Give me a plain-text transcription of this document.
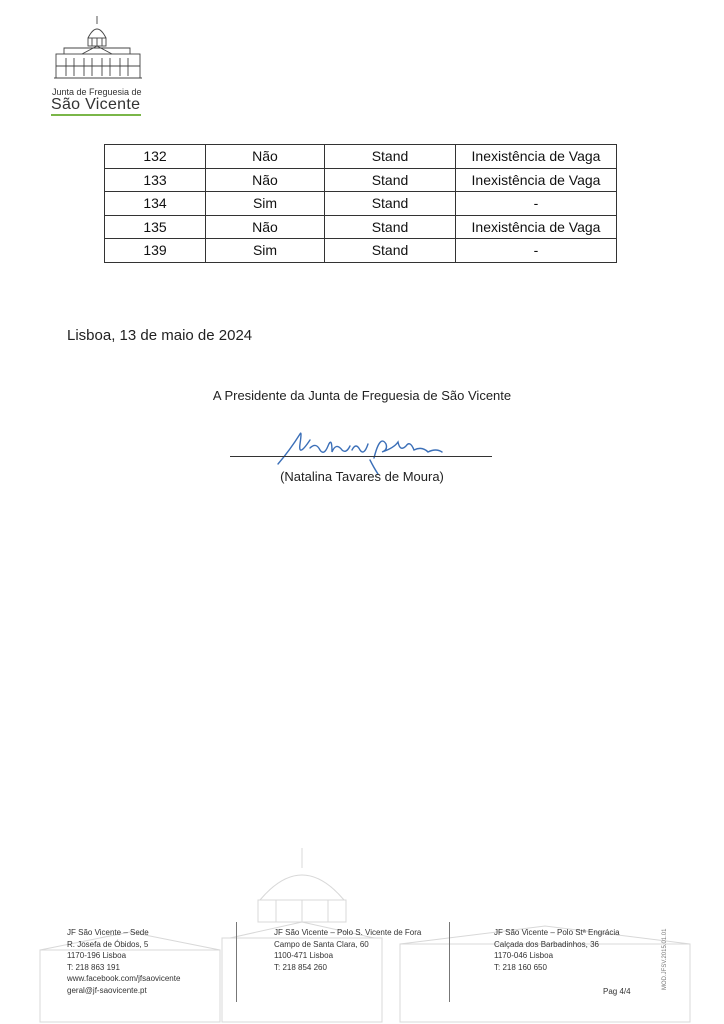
Junta de Freguesia de
São Vicente
132	Não	Stand	Inexistência de Vaga
133	Não	Stand	Inexistência de Vaga
134	Sim	Stand	-
135	Não	Stand	Inexistência de Vaga
139	Sim	Stand	-
Lisboa, 13 de maio de 2024
A Presidente da Junta de Freguesia de São Vicente
(Natalina Tavares de Moura)
JF São Vicente – Sede
R. Josefa de Óbidos, 5
1170-196 Lisboa
T: 218 863 191
www.facebook.com/jfsaovicente
geral@jf-saovicente.pt
JF São Vicente – Polo S. Vicente de Fora
Campo de Santa Clara, 60
1100-471 Lisboa
T: 218 854 260
JF São Vicente – Polo Stª Engrácia
Calçada dos Barbadinhos, 36
1170-046 Lisboa
T: 218 160 650
Pag 4/4
MOD.JFSV.2015.01.01
